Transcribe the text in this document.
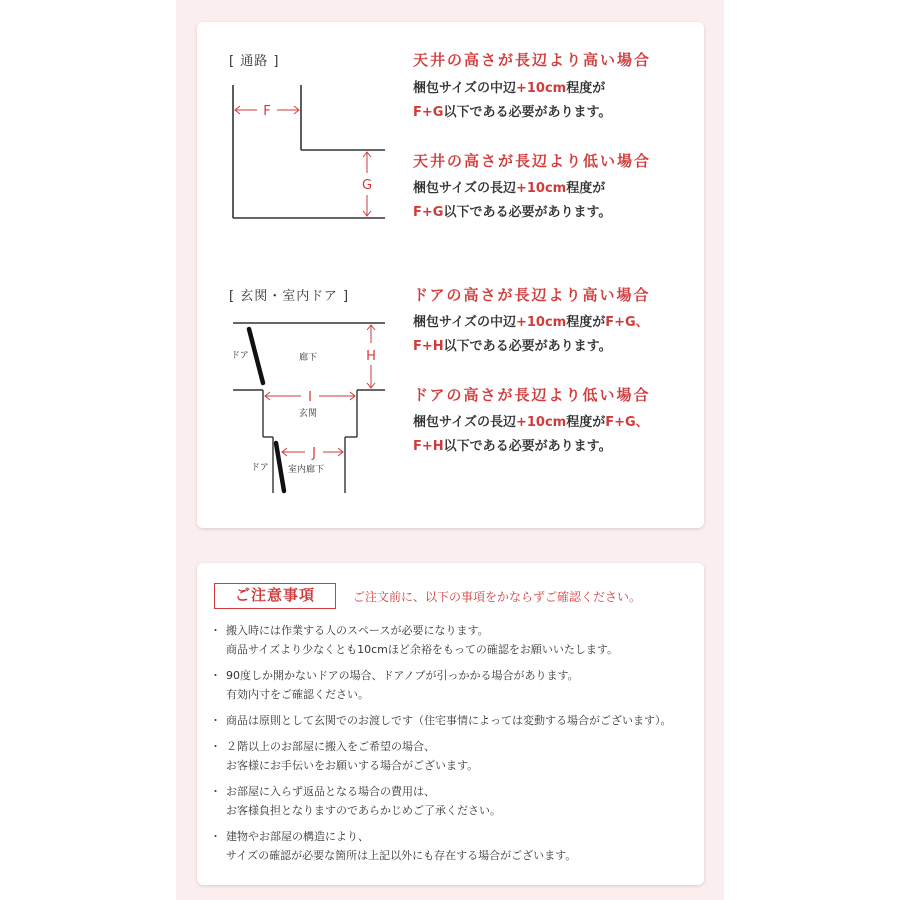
[ 通路 ]
F
G
天井の高さが長辺より高い場合
梱包サイズの中辺+10cm程度が
F+G以下である必要があります。
天井の高さが長辺より低い場合
梱包サイズの長辺+10cm程度が
F+G以下である必要があります。
[ 玄関・室内ドア ]
ドア	廊下	H
I
玄関
J
ドア 室内廊下
ドアの高さが長辺より高い場合
梱包サイズの中辺+10cm程度がF+G、
F+H以下である必要があります。
ドアの高さが長辺より低い場合
梱包サイズの長辺+10cm程度がF+G、
F+H以下である必要があります。
ご注意事項	ご注文前に、以下の事項をかならずご確認ください。
・ 搬入時には作業する人のスペースが必要になります。
商品サイズより少なくとも10cmほど余裕をもっての確認をお願いいたします。
・ 90度しか開かないドアの場合、ドアノブが引っかかる場合があります。
有効内寸をご確認ください。
・ 商品は原則として玄関でのお渡しです（住宅事情によっては変動する場合がございます）。
・ ２階以上のお部屋に搬入をご希望の場合、
お客様にお手伝いをお願いする場合がございます。
・ お部屋に入らず返品となる場合の費用は、
お客様負担となりますのであらかじめご了承ください。
・ 建物やお部屋の構造により、
サイズの確認が必要な箇所は上記以外にも存在する場合がございます。
